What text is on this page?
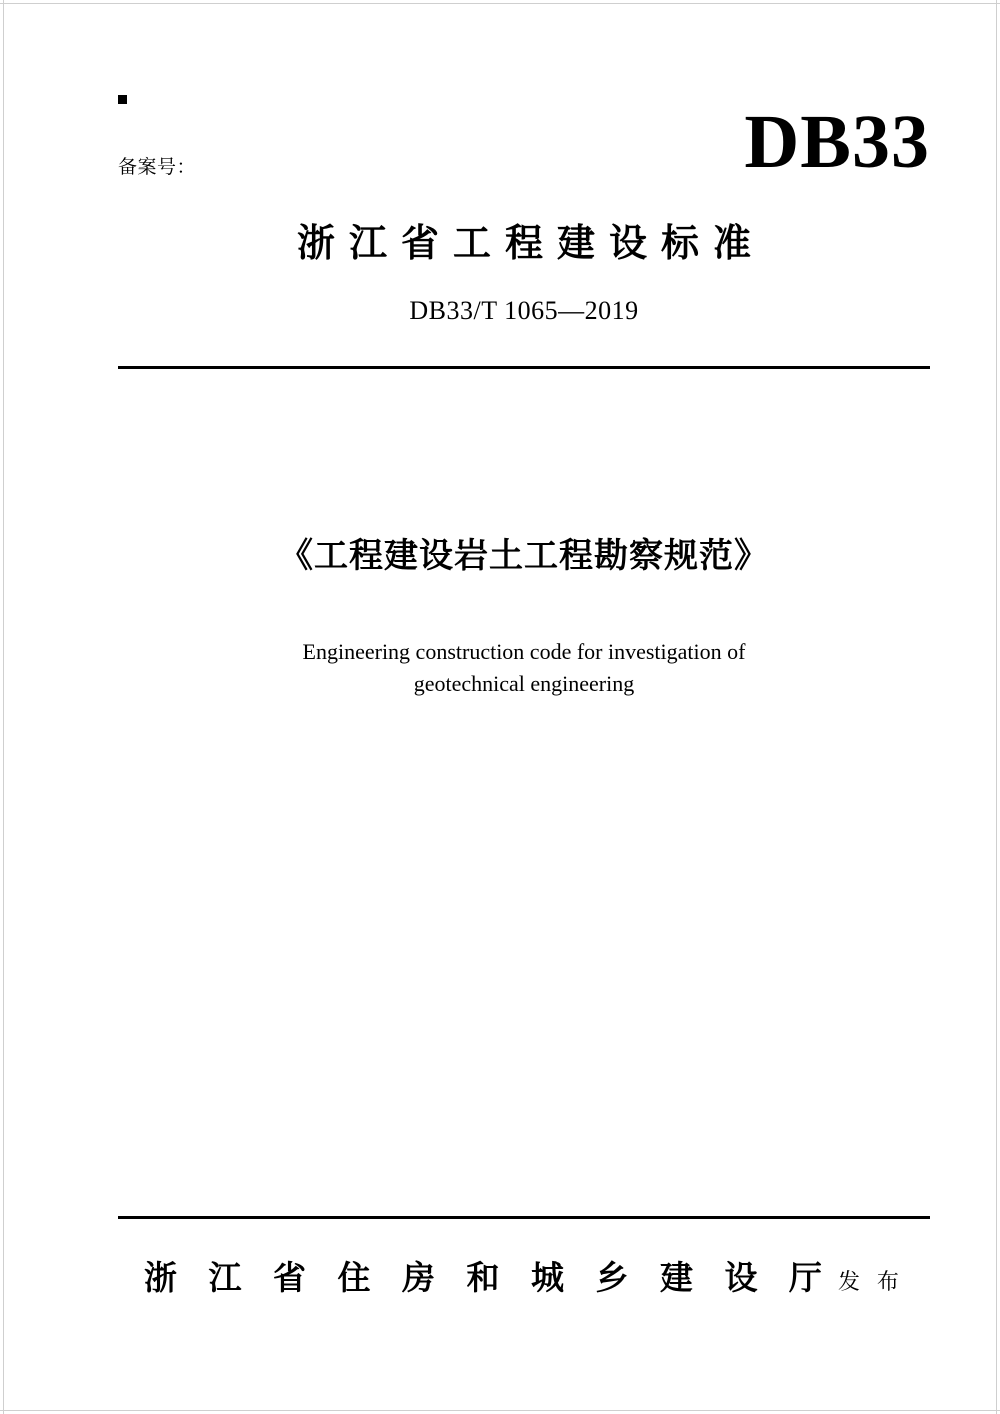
备案号：	DB33
浙江省工程建设标准
DB33/T 1065—2019
《工程建设岩土工程勘察规范》
Engineering construction code for investigation of
geotechnical engineering
浙 江 省 住 房 和 城 乡 建 设 厅 发 布
